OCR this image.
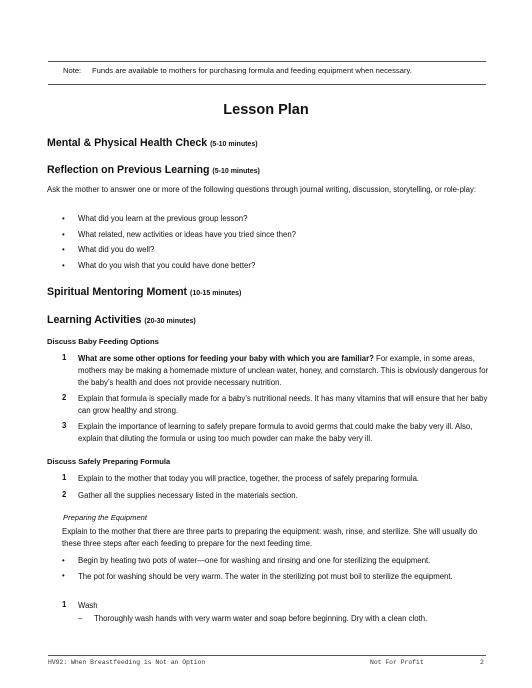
Note: Funds are available to mothers for purchasing formula and feeding equipment when necessary.
Lesson Plan
Mental & Physical Health Check (5-10 minutes)
Reflection on Previous Learning (5-10 minutes)
Ask the mother to answer one or more of the following questions through journal writing, discussion, storytelling, or role-play:
• What did you learn at the previous group lesson?
• What related, new activities or ideas have you tried since then?
• What did you do well?
• What do you wish that you could have done better?
Spiritual Mentoring Moment (10-15 minutes)
Learning Activities (20-30 minutes)
Discuss Baby Feeding Options
1 What are some other options for feeding your baby with which you are familiar? For example, in some areas, mothers may be making a homemade mixture of unclean water, honey, and cornstarch. This is obviously dangerous for the baby’s health and does not provide necessary nutrition.
2 Explain that formula is specially made for a baby’s nutritional needs. It has many vitamins that will ensure that her baby can grow healthy and strong.
3 Explain the importance of learning to safely prepare formula to avoid germs that could make the baby very ill. Also, explain that diluting the formula or using too much powder can make the baby very ill.
Discuss Safely Preparing Formula
1 Explain to the mother that today you will practice, together, the process of safely preparing formula.
2 Gather all the supplies necessary listed in the materials section.
Preparing the Equipment
Explain to the mother that there are three parts to preparing the equipment: wash, rinse, and sterilize. She will usually do these three steps after each feeding to prepare for the next feeding time.
• Begin by heating two pots of water—one for washing and rinsing and one for sterilizing the equipment.
• The pot for washing should be very warm. The water in the sterilizing pot must boil to sterilize the equipment.
1 Wash
– Thoroughly wash hands with very warm water and soap before beginning. Dry with a clean cloth.
HV92: When Breastfeeding is Not an Option	Not For Profit	2
